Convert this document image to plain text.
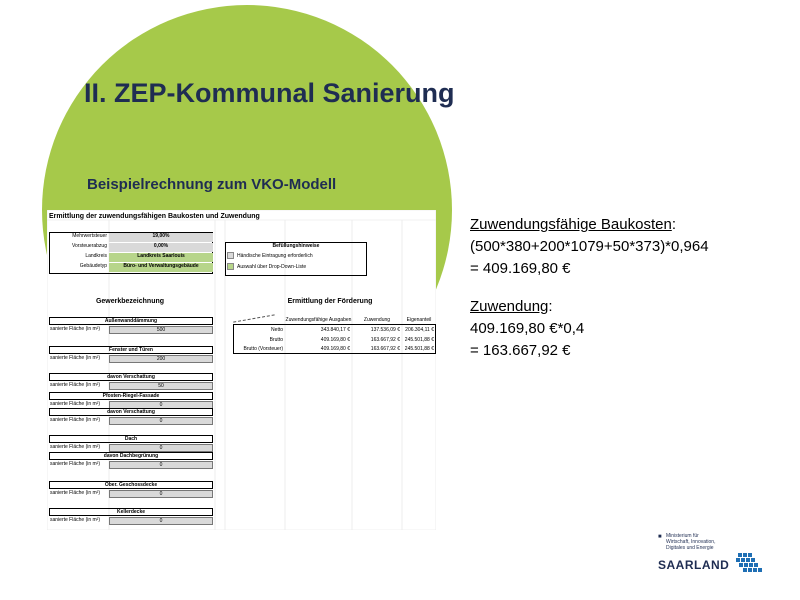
II. ZEP-Kommunal Sanierung
Beispielrechnung zum VKO-Modell
Ermittlung der zuwendungsfähigen Baukosten und Zuwendung
Mehrwertsteuer	19,00%
Vorsteuerabzug	0,00%
Landkreis	Landkreis Saarlouis
Gebäudetyp	Büro- und Verwaltungsgebäude
Befüllungshinweise
Händische Eintragung erforderlich
Auswahl über Drop-Down-Liste
Gewerkbezeichnung	Ermittlung der Förderung
Außenwanddämmung
sanierte Fläche (in m²)	500
Fenster und Türen
sanierte Fläche (in m²)	200
davon Verschattung
sanierte Fläche (in m²)	50
Pfosten-Riegel-Fassade
sanierte Fläche (in m²)	0
davon Verschattung
sanierte Fläche (in m²)	0
Dach
sanierte Fläche (in m²)	0
davon Dachbegrünung
sanierte Fläche (in m²)	0
Ober. Geschossdecke
sanierte Fläche (in m²)	0
Kellerdecke
sanierte Fläche (in m²)	0
Zuwendungsfähige Ausgaben	Zuwendung	Eigenanteil
Netto	343.840,17 €	137.536,09 €	206.304,11 €
Brutto	409.169,80 €	163.667,92 € 245.501,88 €
Brutto (Vorsteuer)	409.169,80 €	163.667,92 € 245.501,88 €
Zuwendungsfähige Baukosten:
(500*380+200*1079+50*373)*0,964
= 409.169,80 €
Zuwendung:
409.169,80 €*0,4
= 163.667,92 €
■ Ministerium für
Wirtschaft, Innovation,
Digitales und Energie
SAARLAND
